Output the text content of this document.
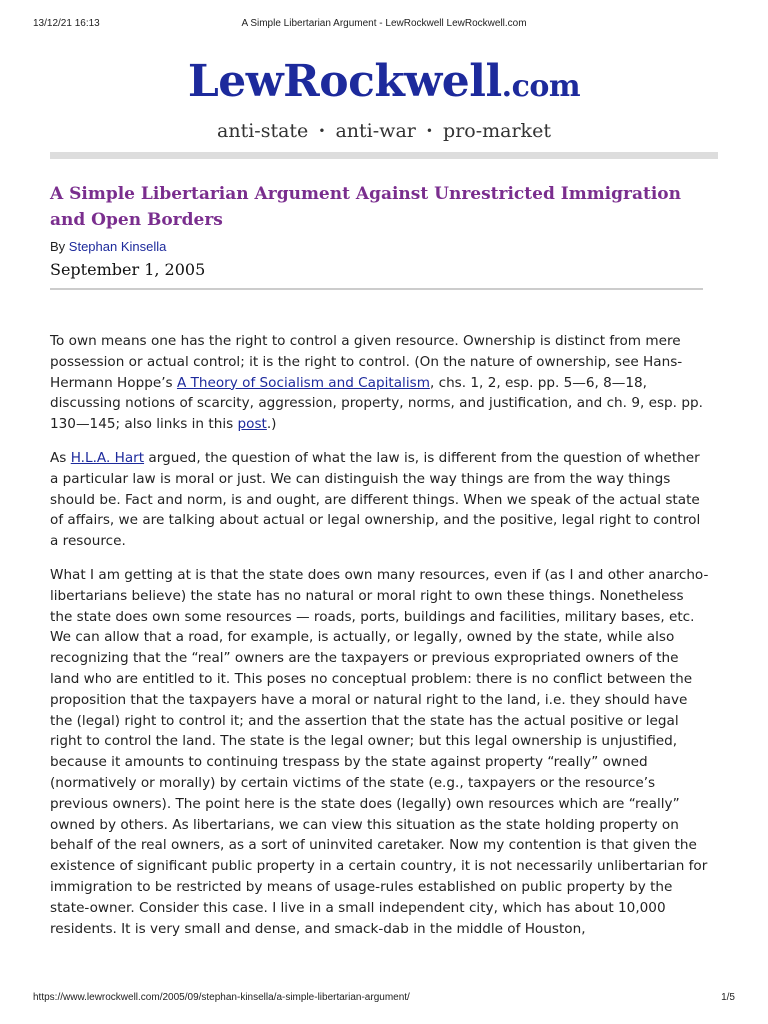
13/12/21 16:13	A Simple Libertarian Argument - LewRockwell LewRockwell.com
LewRockwell.com
anti-state • anti-war • pro-market
A Simple Libertarian Argument Against Unrestricted Immigration and Open Borders
By Stephan Kinsella
September 1, 2005

To own means one has the right to control a given resource. Ownership is distinct from mere possession or actual control; it is the right to control. (On the nature of ownership, see Hans-Hermann Hoppe’s A Theory of Socialism and Capitalism, chs. 1, 2, esp. pp. 5—6, 8—18, discussing notions of scarcity, aggression, property, norms, and justification, and ch. 9, esp. pp. 130—145; also links in this post.)

As H.L.A. Hart argued, the question of what the law is, is different from the question of whether a particular law is moral or just. We can distinguish the way things are from the way things should be. Fact and norm, is and ought, are different things. When we speak of the actual state of affairs, we are talking about actual or legal ownership, and the positive, legal right to control a resource.

What I am getting at is that the state does own many resources, even if (as I and other anarcho-libertarians believe) the state has no natural or moral right to own these things. Nonetheless the state does own some resources — roads, ports, buildings and facilities, military bases, etc. We can allow that a road, for example, is actually, or legally, owned by the state, while also recognizing that the “real” owners are the taxpayers or previous expropriated owners of the land who are entitled to it. This poses no conceptual problem: there is no conflict between the proposition that the taxpayers have a moral or natural right to the land, i.e. they should have the (legal) right to control it; and the assertion that the state has the actual positive or legal right to control the land. The state is the legal owner; but this legal ownership is unjustified, because it amounts to continuing trespass by the state against property “really” owned (normatively or morally) by certain victims of the state (e.g., taxpayers or the resource’s previous owners). The point here is the state does (legally) own resources which are “really” owned by others. As libertarians, we can view this situation as the state holding property on behalf of the real owners, as a sort of uninvited caretaker. Now my contention is that given the existence of significant public property in a certain country, it is not necessarily unlibertarian for immigration to be restricted by means of usage-rules established on public property by the state-owner. Consider this case. I live in a small independent city, which has about 10,000 residents. It is very small and dense, and smack-dab in the middle of Houston,

https://www.lewrockwell.com/2005/09/stephan-kinsella/a-simple-libertarian-argument/	1/5
